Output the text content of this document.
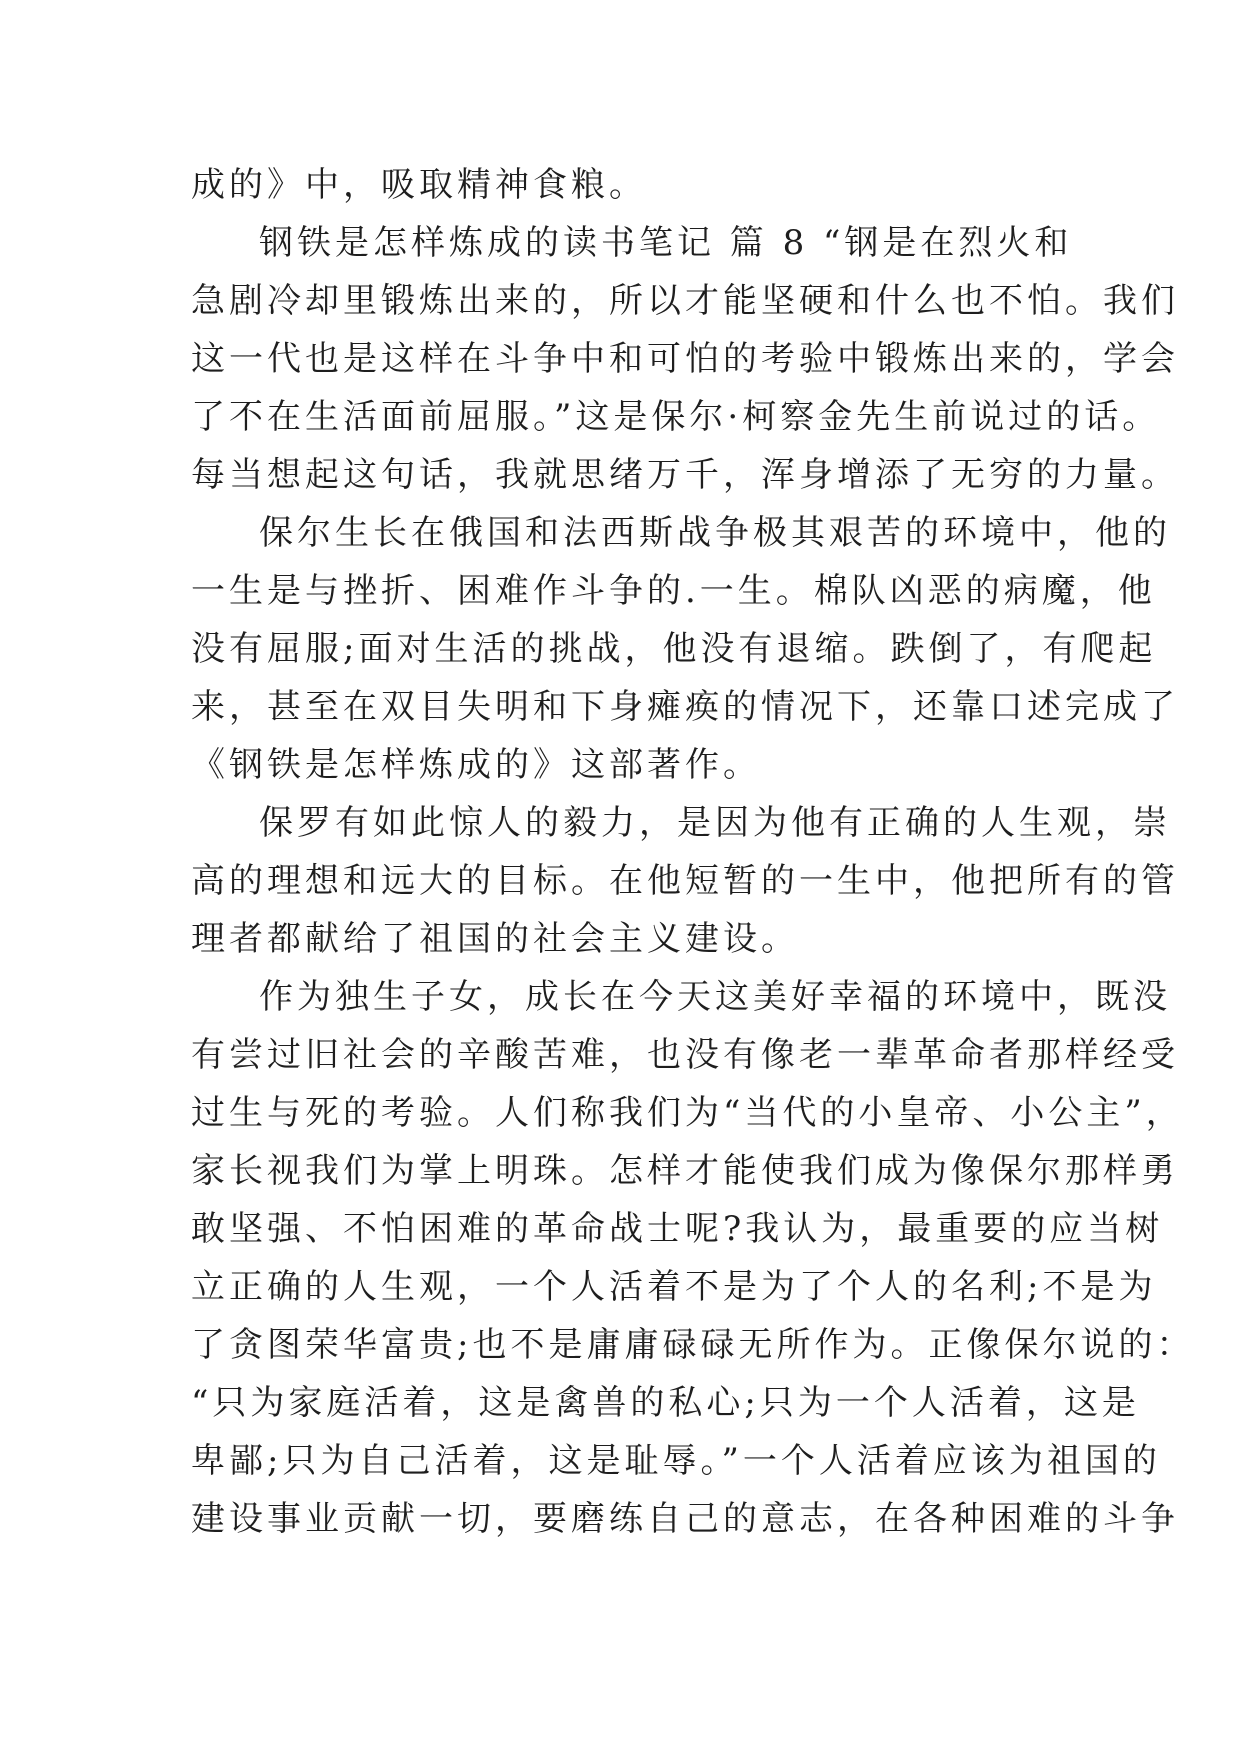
成的》中，吸取精神食粮。
钢铁是怎样炼成的读书笔记 篇 8 “钢是在烈火和
急剧冷却里锻炼出来的，所以才能坚硬和什么也不怕。我们
这一代也是这样在斗争中和可怕的考验中锻炼出来的，学会
了不在生活面前屈服。”这是保尔·柯察金先生前说过的话。
每当想起这句话，我就思绪万千，浑身增添了无穷的力量。
保尔生长在俄国和法西斯战争极其艰苦的环境中，他的
一生是与挫折、困难作斗争的.一生。棉队凶恶的病魔，他
没有屈服;面对生活的挑战，他没有退缩。跌倒了，有爬起
来，甚至在双目失明和下身瘫痪的情况下，还靠口述完成了
《钢铁是怎样炼成的》这部著作。
保罗有如此惊人的毅力，是因为他有正确的人生观，崇
高的理想和远大的目标。在他短暂的一生中，他把所有的管
理者都献给了祖国的社会主义建设。
作为独生子女，成长在今天这美好幸福的环境中，既没
有尝过旧社会的辛酸苦难，也没有像老一辈革命者那样经受
过生与死的考验。人们称我们为“当代的小皇帝、小公主”，
家长视我们为掌上明珠。怎样才能使我们成为像保尔那样勇
敢坚强、不怕困难的革命战士呢?我认为，最重要的应当树
立正确的人生观，一个人活着不是为了个人的名利;不是为
了贪图荣华富贵;也不是庸庸碌碌无所作为。正像保尔说的：
“只为家庭活着，这是禽兽的私心;只为一个人活着，这是
卑鄙;只为自己活着，这是耻辱。”一个人活着应该为祖国的
建设事业贡献一切，要磨练自己的意志，在各种困难的斗争
